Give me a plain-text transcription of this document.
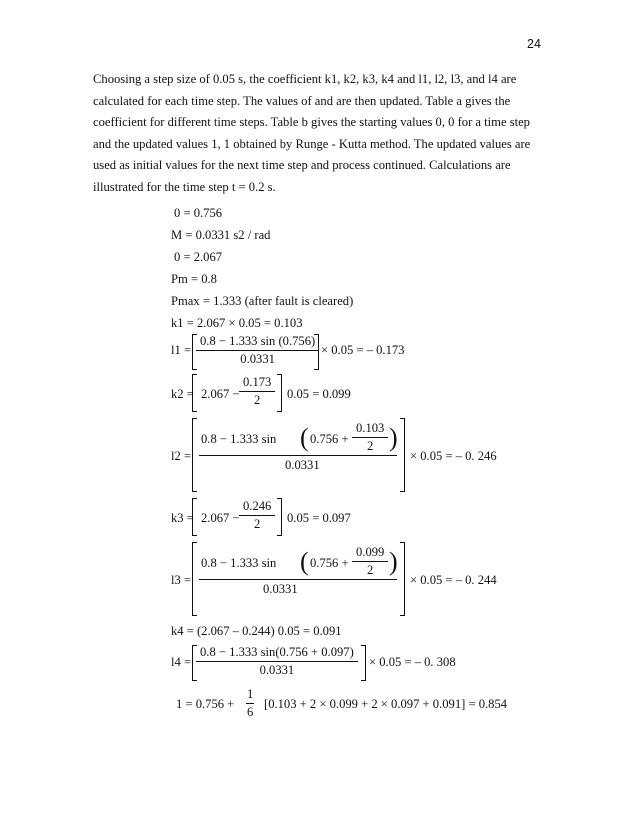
24
Choosing a step size of 0.05 s, the coefficient k1, k2, k3, k4 and l1, l2, l3, and l4 are
calculated for each time step. The values of and are then updated. Table a gives the
coefficient for different time steps. Table b gives the starting values 0, 0 for a time step
and the updated values 1, 1 obtained by Runge - Kutta method. The updated values are
used as initial values for the next time step and process continued. Calculations are
illustrated for the time step t = 0.2 s.
0 = 0.756
M = 0.0331 s2 / rad
0 = 2.067
Pm = 0.8
Pmax = 1.333 (after fault is cleared)
k1 = 2.067 × 0.05 = 0.103
$l1 = \frac{0.8 - 1.333 \sin (0.756)}{0.0331} \times 0.05$ = – 0.173
$k2 = 2.067 - \frac{0.173}{2} 0.05 = 0.099$
l2 =
0.8 − 1.333 sin ( $0.756 + \frac{0.103}{2}$ )
0.0331
× 0.05 = – 0. 246
$k3 = 2.067 - \frac{0.246}{2} 0.05 = 0.097$
l3 =
0.8 − 1.333 sin ( $0.756 + \frac{0.099}{2}$ )
0.0331
× 0.05 = – 0. 244
k4 = (2.067 – 0.244) 0.05 = 0.091
$l4 = \frac{0.8 - 1.333 \sin(0.756 + 0.097)}{0.0331} \times 0.05$ = – 0. 308
$1 = 0.756 + \frac{1}{6} [0.103 + 2 \times 0.099 + 2 \times 0.097 + 0.091] = 0.854$
